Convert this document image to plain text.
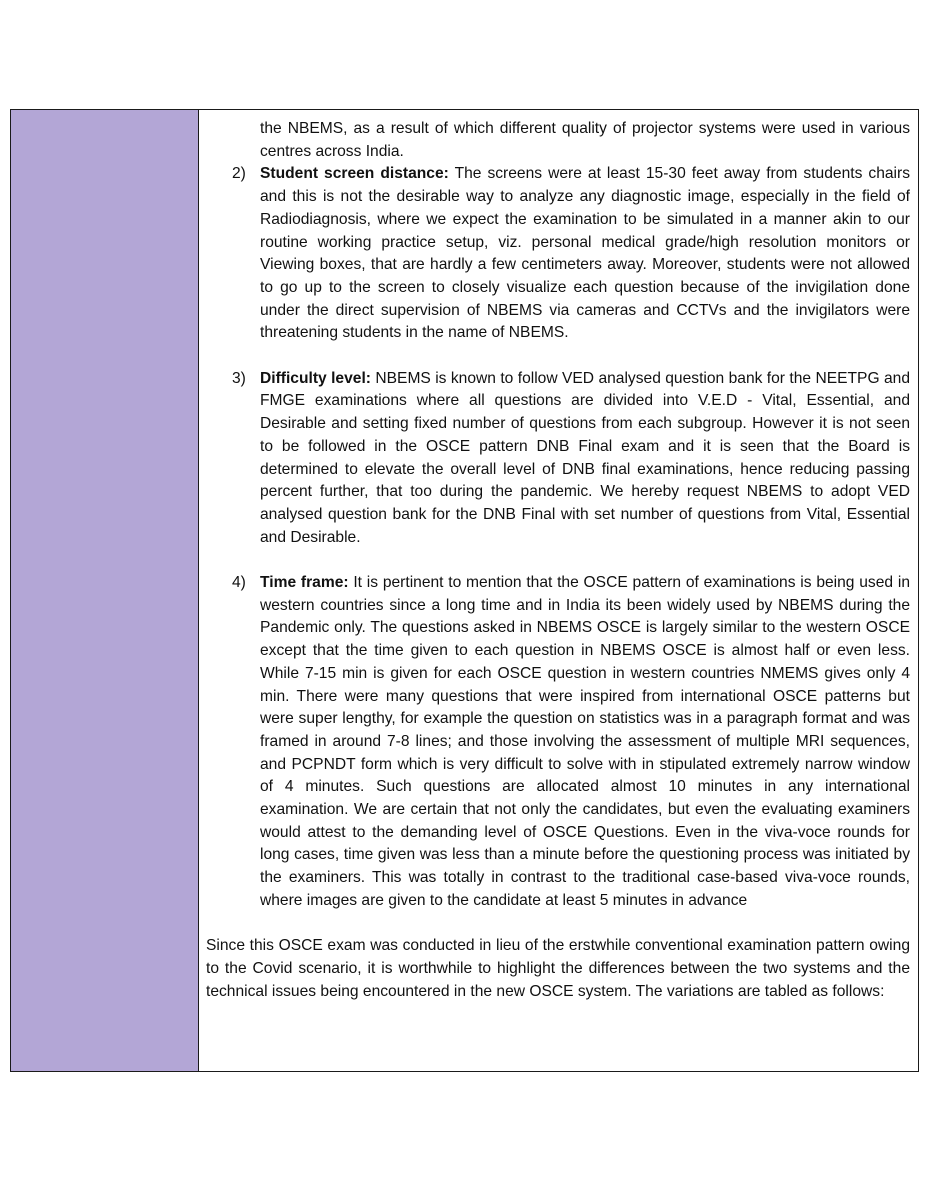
the NBEMS, as a result of which different quality of projector systems were used in various centres across India.
2) Student screen distance: The screens were at least 15-30 feet away from students chairs and this is not the desirable way to analyze any diagnostic image, especially in the field of Radiodiagnosis, where we expect the examination to be simulated in a manner akin to our routine working practice setup, viz. personal medical grade/high resolution monitors or Viewing boxes, that are hardly a few centimeters away. Moreover, students were not allowed to go up to the screen to closely visualize each question because of the invigilation done under the direct supervision of NBEMS via cameras and CCTVs and the invigilators were threatening students in the name of NBEMS.
3) Difficulty level: NBEMS is known to follow VED analysed question bank for the NEETPG and FMGE examinations where all questions are divided into V.E.D - Vital, Essential, and Desirable and setting fixed number of questions from each subgroup. However it is not seen to be followed in the OSCE pattern DNB Final exam and it is seen that the Board is determined to elevate the overall level of DNB final examinations, hence reducing passing percent further, that too during the pandemic. We hereby request NBEMS to adopt VED analysed question bank for the DNB Final with set number of questions from Vital, Essential and Desirable.
4) Time frame: It is pertinent to mention that the OSCE pattern of examinations is being used in western countries since a long time and in India its been widely used by NBEMS during the Pandemic only. The questions asked in NBEMS OSCE is largely similar to the western OSCE except that the time given to each question in NBEMS OSCE is almost half or even less. While 7-15 min is given for each OSCE question in western countries NMEMS gives only 4 min. There were many questions that were inspired from international OSCE patterns but were super lengthy, for example the question on statistics was in a paragraph format and was framed in around 7-8 lines; and those involving the assessment of multiple MRI sequences, and PCPNDT form which is very difficult to solve with in stipulated extremely narrow window of 4 minutes. Such questions are allocated almost 10 minutes in any international examination. We are certain that not only the candidates, but even the evaluating examiners would attest to the demanding level of OSCE Questions. Even in the viva-voce rounds for long cases, time given was less than a minute before the questioning process was initiated by the examiners. This was totally in contrast to the traditional case-based viva-voce rounds, where images are given to the candidate at least 5 minutes in advance
Since this OSCE exam was conducted in lieu of the erstwhile conventional examination pattern owing to the Covid scenario, it is worthwhile to highlight the differences between the two systems and the technical issues being encountered in the new OSCE system. The variations are tabled as follows:
